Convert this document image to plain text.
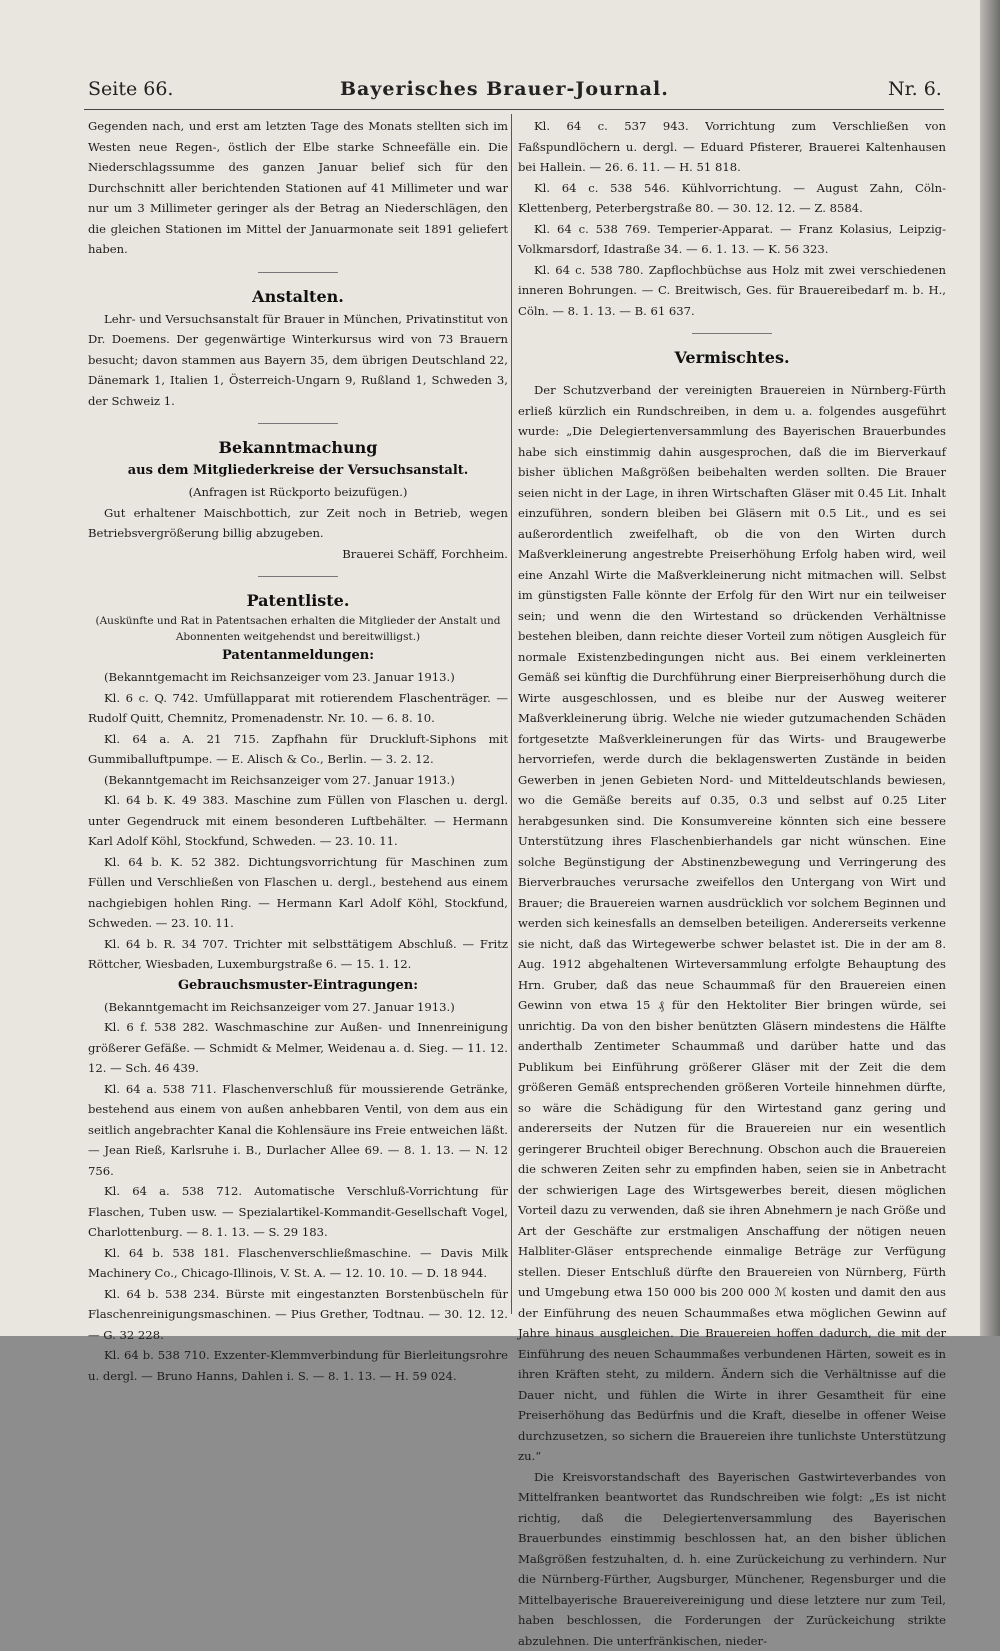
Seite 66.	Bayerisches Brauer-Journal.	Nr. 6.

Gegenden nach, und erst am letzten Tage des Monats stellten sich im Westen neue Regen-, östlich der Elbe starke Schneefälle ein. Die Niederschlagssumme des ganzen Januar belief sich für den Durchschnitt aller berichtenden Stationen auf 41 Millimeter und war nur um 3 Millimeter geringer als der Betrag an Niederschlägen, den die gleichen Stationen im Mittel der Januarmonate seit 1891 geliefert haben.

Anstalten.

Lehr- und Versuchsanstalt für Brauer in München, Privatinstitut von Dr. Doemens. Der gegenwärtige Winterkursus wird von 73 Brauern besucht; davon stammen aus Bayern 35, dem übrigen Deutschland 22, Dänemark 1, Italien 1, Österreich-Ungarn 9, Rußland 1, Schweden 3, der Schweiz 1.

Bekanntmachung
aus dem Mitgliederkreise der Versuchsanstalt.

(Anfragen ist Rückporto beizufügen.)

Gut erhaltener Maischbottich, zur Zeit noch in Betrieb, wegen Betriebsvergrößerung billig abzugeben.

Brauerei Schäff, Forchheim.

Patentliste.

(Auskünfte und Rat in Patentsachen erhalten die Mitglieder der Anstalt und Abonnenten weitgehendst und bereitwilligst.)

Patentanmeldungen:

(Bekanntgemacht im Reichsanzeiger vom 23. Januar 1913.)

Kl. 6 c. Q. 742. Umfüllapparat mit rotierendem Flaschenträger. — Rudolf Quitt, Chemnitz, Promenadenstr. Nr. 10. — 6. 8. 10.

Kl. 64 a. A. 21 715. Zapfhahn für Druckluft-Siphons mit Gummiballuftpumpe. — E. Alisch & Co., Berlin. — 3. 2. 12.

(Bekanntgemacht im Reichsanzeiger vom 27. Januar 1913.)

Kl. 64 b. K. 49 383. Maschine zum Füllen von Flaschen u. dergl. unter Gegendruck mit einem besonderen Luftbehälter. — Hermann Karl Adolf Köhl, Stockfund, Schweden. — 23. 10. 11.

Kl. 64 b. K. 52 382. Dichtungsvorrichtung für Maschinen zum Füllen und Verschließen von Flaschen u. dergl., bestehend aus einem nachgiebigen hohlen Ring. — Hermann Karl Adolf Köhl, Stockfund, Schweden. — 23. 10. 11.

Kl. 64 b. R. 34 707. Trichter mit selbsttätigem Abschluß. — Fritz Röttcher, Wiesbaden, Luxemburgstraße 6. — 15. 1. 12.

Gebrauchsmuster-Eintragungen:

(Bekanntgemacht im Reichsanzeiger vom 27. Januar 1913.)

Kl. 6 f. 538 282. Waschmaschine zur Außen- und Innenreinigung größerer Gefäße. — Schmidt & Melmer, Weidenau a. d. Sieg. — 11. 12. 12. — Sch. 46 439.

Kl. 64 a. 538 711. Flaschenverschluß für moussierende Getränke, bestehend aus einem von außen anhebbaren Ventil, von dem aus ein seitlich angebrachter Kanal die Kohlensäure ins Freie entweichen läßt. — Jean Rieß, Karlsruhe i. B., Durlacher Allee 69. — 8. 1. 13. — N. 12 756.

Kl. 64 a. 538 712. Automatische Verschluß-Vorrichtung für Flaschen, Tuben usw. — Spezialartikel-Kommandit-Gesellschaft Vogel, Charlottenburg. — 8. 1. 13. — S. 29 183.

Kl. 64 b. 538 181. Flaschenverschließmaschine. — Davis Milk Machinery Co., Chicago-Illinois, V. St. A. — 12. 10. 10. — D. 18 944.

Kl. 64 b. 538 234. Bürste mit eingestanzten Borstenbüscheln für Flaschenreinigungsmaschinen. — Pius Grether, Todtnau. — 30. 12. 12. — G. 32 228.

Kl. 64 b. 538 710. Exzenter-Klemmverbindung für Bierleitungsrohre u. dergl. — Bruno Hanns, Dahlen i. S. — 8. 1. 13. — H. 59 024.

Kl. 64 c. 537 943. Vorrichtung zum Verschließen von Faßspundlöchern u. dergl. — Eduard Pfisterer, Brauerei Kaltenhausen bei Hallein. — 26. 6. 11. — H. 51 818.

Kl. 64 c. 538 546. Kühlvorrichtung. — August Zahn, Cöln-Klettenberg, Peterbergstraße 80. — 30. 12. 12. — Z. 8584.

Kl. 64 c. 538 769. Temperier-Apparat. — Franz Kolasius, Leipzig-Volkmarsdorf, Idastraße 34. — 6. 1. 13. — K. 56 323.

Kl. 64 c. 538 780. Zapflochbüchse aus Holz mit zwei verschiedenen inneren Bohrungen. — C. Breitwisch, Ges. für Brauereibedarf m. b. H., Cöln. — 8. 1. 13. — B. 61 637.

Vermischtes.

Der Schutzverband der vereinigten Brauereien in Nürnberg-Fürth erließ kürzlich ein Rundschreiben, in dem u. a. folgendes ausgeführt wurde: „Die Delegiertenversammlung des Bayerischen Brauerbundes habe sich einstimmig dahin ausgesprochen, daß die im Bierverkauf bisher üblichen Maßgrößen beibehalten werden sollten. Die Brauer seien nicht in der Lage, in ihren Wirtschaften Gläser mit 0.45 Lit. Inhalt einzuführen, sondern bleiben bei Gläsern mit 0.5 Lit., und es sei außerordentlich zweifelhaft, ob die von den Wirten durch Maßverkleinerung angestrebte Preiserhöhung Erfolg haben wird, weil eine Anzahl Wirte die Maßverkleinerung nicht mitmachen will. Selbst im günstigsten Falle könnte der Erfolg für den Wirt nur ein teilweiser sein; und wenn die den Wirtestand so drückenden Verhältnisse bestehen bleiben, dann reichte dieser Vorteil zum nötigen Ausgleich für normale Existenzbedingungen nicht aus. Bei einem verkleinerten Gemäß sei künftig die Durchführung einer Bierpreiserhöhung durch die Wirte ausgeschlossen, und es bleibe nur der Ausweg weiterer Maßverkleinerung übrig. Welche nie wieder gutzumachenden Schäden fortgesetzte Maßverkleinerungen für das Wirts- und Braugewerbe hervorriefen, werde durch die beklagenswerten Zustände in beiden Gewerben in jenen Gebieten Nord- und Mitteldeutschlands bewiesen, wo die Gemäße bereits auf 0.35, 0.3 und selbst auf 0.25 Liter herabgesunken sind. Die Konsumvereine könnten sich eine bessere Unterstützung ihres Flaschenbierhandels gar nicht wünschen. Eine solche Begünstigung der Abstinenzbewegung und Verringerung des Bierverbrauches verursache zweifellos den Untergang von Wirt und Brauer; die Brauereien warnen ausdrücklich vor solchem Beginnen und werden sich keinesfalls an demselben beteiligen. Andererseits verkenne sie nicht, daß das Wirtegewerbe schwer belastet ist. Die in der am 8. Aug. 1912 abgehaltenen Wirteversammlung erfolgte Behauptung des Hrn. Gruber, daß das neue Schaummaß für den Brauereien einen Gewinn von etwa 15 ₰ für den Hektoliter Bier bringen würde, sei unrichtig. Da von den bisher benützten Gläsern mindestens die Hälfte anderthalb Zentimeter Schaummaß und darüber hatte und das Publikum bei Einführung größerer Gläser mit der Zeit die dem größeren Gemäß entsprechenden größeren Vorteile hinnehmen dürfte, so wäre die Schädigung für den Wirtestand ganz gering und andererseits der Nutzen für die Brauereien nur ein wesentlich geringerer Bruchteil obiger Berechnung. Obschon auch die Brauereien die schweren Zeiten sehr zu empfinden haben, seien sie in Anbetracht der schwierigen Lage des Wirtsgewerbes bereit, diesen möglichen Vorteil dazu zu verwenden, daß sie ihren Abnehmern je nach Größe und Art der Geschäfte zur erstmaligen Anschaffung der nötigen neuen Halbliter-Gläser entsprechende einmalige Beträge zur Verfügung stellen. Dieser Entschluß dürfte den Brauereien von Nürnberg, Fürth und Umgebung etwa 150 000 bis 200 000 ℳ kosten und damit den aus der Einführung des neuen Schaummaßes etwa möglichen Gewinn auf Jahre hinaus ausgleichen. Die Brauereien hoffen dadurch, die mit der Einführung des neuen Schaummaßes verbundenen Härten, soweit es in ihren Kräften steht, zu mildern. Ändern sich die Verhältnisse auf die Dauer nicht, und fühlen die Wirte in ihrer Gesamtheit für eine Preiserhöhung das Bedürfnis und die Kraft, dieselbe in offener Weise durchzusetzen, so sichern die Brauereien ihre tunlichste Unterstützung zu.“

Die Kreisvorstandschaft des Bayerischen Gastwirteverbandes von Mittelfranken beantwortet das Rundschreiben wie folgt: „Es ist nicht richtig, daß die Delegiertenversammlung des Bayerischen Brauerbundes einstimmig beschlossen hat, an den bisher üblichen Maßgrößen festzuhalten, d. h. eine Zurückeichung zu verhindern. Nur die Nürnberg-Fürther, Augsburger, Münchener, Regensburger und die Mittelbayerische Brauereivereinigung und diese letztere nur zum Teil, haben beschlossen, die Forderungen der Zurückeichung strikte abzulehnen. Die unterfränkischen, nieder-
